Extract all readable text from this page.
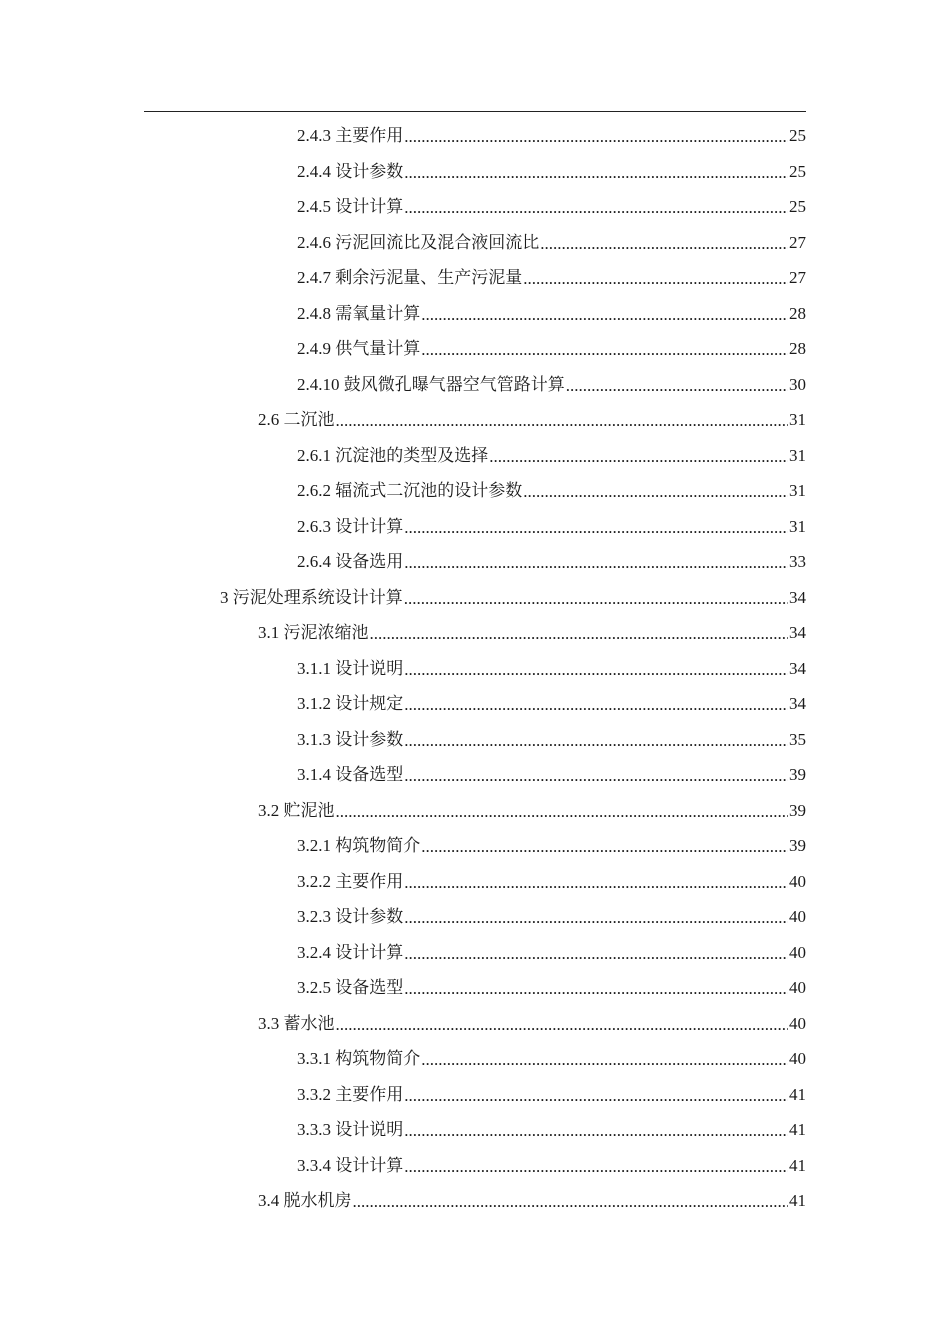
2.4.3 主要作用 .....	25
2.4.4 设计参数 .....	25
2.4.5 设计计算 .....	25
2.4.6 污泥回流比及混合液回流比 .....	27
2.4.7 剩余污泥量、生产污泥量 .....	27
2.4.8 需氧量计算 .....	28
2.4.9 供气量计算 .....	28
2.4.10 鼓风微孔曝气器空气管路计算 .....	30
2.6 二沉池 .....	31
2.6.1 沉淀池的类型及选择 .....	31
2.6.2 辐流式二沉池的设计参数 .....	31
2.6.3 设计计算 .....	31
2.6.4 设备选用 .....	33
3 污泥处理系统设计计算 .....	34
3.1 污泥浓缩池 .....	34
3.1.1 设计说明 .....	34
3.1.2 设计规定 .....	34
3.1.3 设计参数 .....	35
3.1.4 设备选型 .....	39
3.2 贮泥池 .....	39
3.2.1 构筑物简介 .....	39
3.2.2 主要作用 .....	40
3.2.3 设计参数 .....	40
3.2.4 设计计算 .....	40
3.2.5 设备选型 .....	40
3.3 蓄水池 .....	40
3.3.1 构筑物简介 .....	40
3.3.2 主要作用 .....	41
3.3.3 设计说明 .....	41
3.3.4 设计计算 .....	41
3.4 脱水机房 .....	41
